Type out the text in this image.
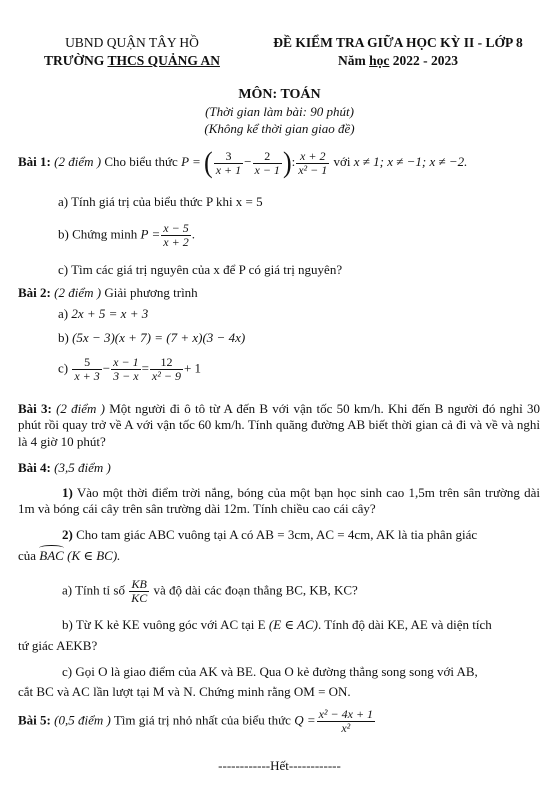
UBND QUẬN TÂY HỒ
TRƯỜNG THCS QUẢNG AN
ĐỀ KIỂM TRA GIỮA HỌC KỲ II - LỚP 8
Năm học 2022 - 2023
MÔN: TOÁN
(Thời gian làm bài: 90 phút)
(Không kể thời gian giao đề)
Bài 1: (2 điểm ) Cho biểu thức P = ( $\frac{3}{x + 1} - \frac{2}{x - 1}$ ): $\frac{x + 2}{\text{x² − 1}}$ với x ≠ 1; x ≠ −1; x ≠ −2.
a) Tính giá trị của biểu thức P khi x = 5
b) Chứng minh $P = \frac{x - 5}{x + 2}$ .
c) Tìm các giá trị nguyên của x để P có giá trị nguyên?
Bài 2: (2 điểm ) Giải phương trình
a) 2x + 5 = x + 3
b) (5x − 3)(x + 7) = (7 + x)(3 − 4x)
$c) \frac{5}{x + 3} - \frac{x - 1}{3 - x} = \frac{12}{\text{x² − 9}} + 1$
Bài 3: (2 điểm ) Một người đi ô tô từ A đến B với vận tốc 50 km/h. Khi đến B người đó nghỉ 30 phút rồi quay trở về A với vận tốc 60 km/h. Tính quãng đường AB biết thời gian cả đi và về và nghỉ là 4 giờ 10 phút?
Bài 4: (3,5 điểm )
1) Vào một thời điểm trời nắng, bóng của một bạn học sinh cao 1,5m trên sân trường dài 1m và bóng cái cây trên sân trường dài 12m. Tính chiều cao cái cây?
2) Cho tam giác ABC vuông tại A có AB = 3cm, AC = 4cm, AK là tia phân giác
của BAC (K ∈ BC).
a) Tính tỉ số $\frac{KB}{KC}$ và độ dài các đoạn thẳng BC, KB, KC?
b) Từ K kẻ KE vuông góc với AC tại E (E ∈ AC). Tính độ dài KE, AE và diện tích
tứ giác AEKB?
c) Gọi O là giao điểm của AK và BE. Qua O kẻ đường thẳng song song với AB,
cắt BC và AC lần lượt tại M và N. Chứng minh rằng OM = ON.
Bài 5: (0,5 điểm ) Tìm giá trị nhỏ nhất của biểu thức $Q = \frac{\text{x² − 4x + 1}}{\text{x²}}$
------------Hết------------
